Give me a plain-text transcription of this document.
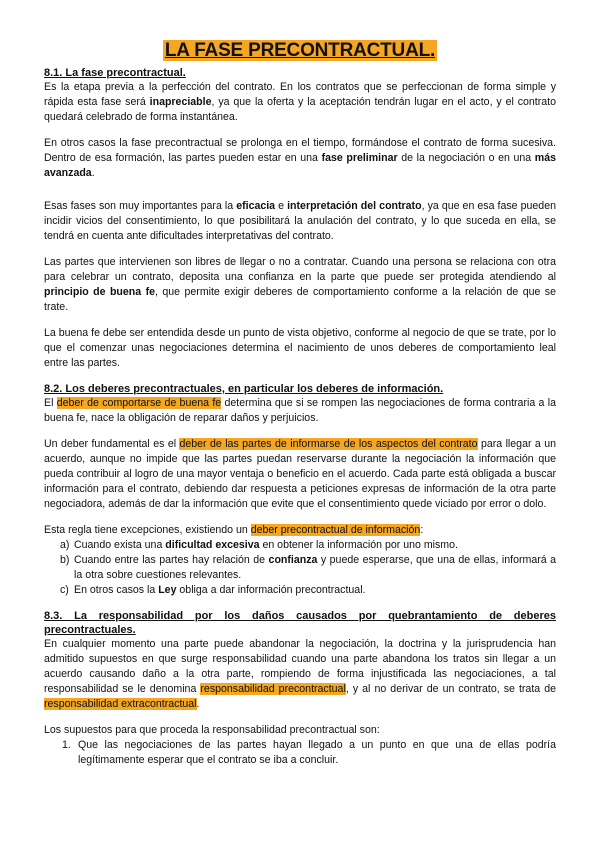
LA FASE PRECONTRACTUAL.
8.1. La fase precontractual.

Es la etapa previa a la perfección del contrato. En los contratos que se perfeccionan de forma simple y rápida esta fase será inapreciable, ya que la oferta y la aceptación tendrán lugar en el acto, y el contrato quedará celebrado de forma instantánea.

En otros casos la fase precontractual se prolonga en el tiempo, formándose el contrato de forma sucesiva. Dentro de esa formación, las partes pueden estar en una fase preliminar de la negociación o en una más avanzada.

Esas fases son muy importantes para la eficacia e interpretación del contrato, ya que en esa fase pueden incidir vicios del consentimiento, lo que posibilitará la anulación del contrato, y lo que suceda en ella, se tendrá en cuenta ante dificultades interpretativas del contrato.

Las partes que intervienen son libres de llegar o no a contratar. Cuando una persona se relaciona con otra para celebrar un contrato, deposita una confianza en la parte que puede ser protegida atendiendo al principio de buena fe, que permite exigir deberes de comportamiento conforme a la relación de que se trate.

La buena fe debe ser entendida desde un punto de vista objetivo, conforme al negocio de que se trate, por lo que el comenzar unas negociaciones determina el nacimiento de unos deberes de comportamiento leal entre las partes.

8.2. Los deberes precontractuales, en particular los deberes de información.

El deber de comportarse de buena fe determina que si se rompen las negociaciones de forma contraria a la buena fe, nace la obligación de reparar daños y perjuicios.

Un deber fundamental es el deber de las partes de informarse de los aspectos del contrato para llegar a un acuerdo, aunque no impide que las partes puedan reservarse durante la negociación la información que pueda contribuir al logro de una mayor ventaja o beneficio en el acuerdo. Cada parte está obligada a buscar información para el contrato, debiendo dar respuesta a peticiones expresas de información de la otra parte negociadora, además de dar la información que evite que el consentimiento quede viciado por error o dolo.

Esta regla tiene excepciones, existiendo un deber precontractual de información:

a) Cuando exista una dificultad excesiva en obtener la información por uno mismo.
b) Cuando entre las partes hay relación de confianza y puede esperarse, que una de ellas, informará a la otra sobre cuestiones relevantes.
c) En otros casos la Ley obliga a dar información precontractual.
8.3. La responsabilidad por los daños causados por quebrantamiento de deberes precontractuales.

En cualquier momento una parte puede abandonar la negociación, la doctrina y la jurisprudencia han admitido supuestos en que surge responsabilidad cuando una parte abandona los tratos sin llegar a un acuerdo causando daño a la otra parte, rompiendo de forma injustificada las negociaciones, a tal responsabilidad se le denomina responsabilidad precontractual, y al no derivar de un contrato, se trata de responsabilidad extracontractual.

Los supuestos para que proceda la responsabilidad precontractual son:

1. Que las negociaciones de las partes hayan llegado a un punto en que una de ellas podría legítimamente esperar que el contrato se iba a concluir.
